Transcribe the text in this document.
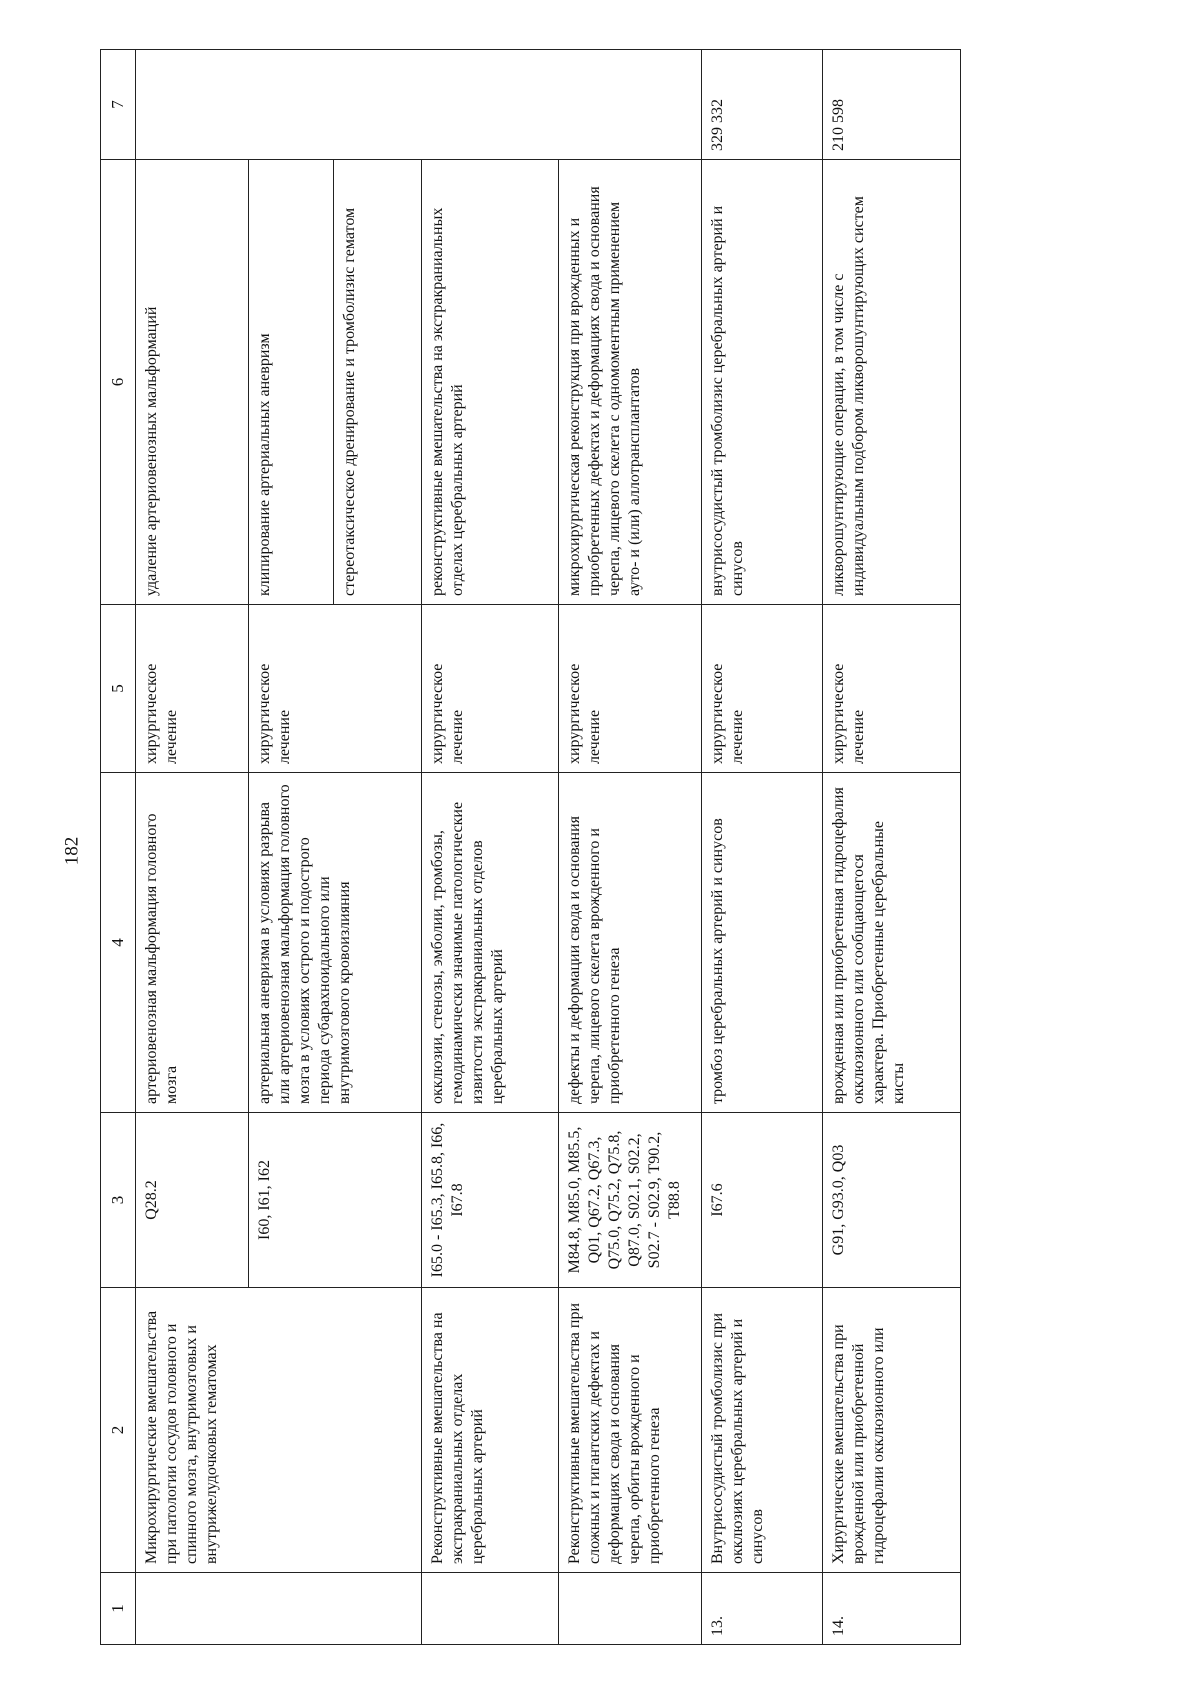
182
1	2	3	4	5	6	7
	Микрохирургические вмешательства при патологии сосудов головного и спинного мозга, внутримозговых и внутрижелудочковых гематомах	Q28.2	артериовенозная мальформация головного мозга	хирургическое лечение	удаление артериовенозных мальформаций	
		I60, I61, I62	артериальная аневризма в условиях разрыва или артериовенозная мальформация головного мозга в условиях острого и подострого периода субарахноидального или внутримозгового кровоизлияния	хирургическое лечение	клипирование артериальных аневризм	
					стереотаксическое дренирование и тромболизис гематом	
	Реконструктивные вмешательства на экстракраниальных отделах церебральных артерий	I65.0 - I65.3, I65.8, I66, I67.8	окклюзии, стенозы, эмболии, тромбозы, гемодинамически значимые патологические извитости экстракраниальных отделов церебральных артерий	хирургическое лечение	реконструктивные вмешательства на экстракраниальных отделах церебральных артерий	
	Реконструктивные вмешательства при сложных и гигантских дефектах и деформациях свода и основания черепа, орбиты врожденного и приобретенного генеза	M84.8, M85.0, M85.5, Q01, Q67.2, Q67.3, Q75.0, Q75.2, Q75.8, Q87.0, S02.1, S02.2, S02.7 - S02.9, T90.2, T88.8	дефекты и деформации свода и основания черепа, лицевого скелета врожденного и приобретенного генеза	хирургическое лечение	микрохирургическая реконструкция при врожденных и приобретенных дефектах и деформациях свода и основания черепа, лицевого скелета с одномоментным применением ауто- и (или) аллотрансплантатов	
13.	Внутрисосудистый тромболизис при окклюзиях церебральных артерий и синусов	I67.6	тромбоз церебральных артерий и синусов	хирургическое лечение	внутрисосудистый тромболизис церебральных артерий и синусов	329 332
14.	Хирургические вмешательства при врожденной или приобретенной гидроцефалии окклюзионного или	G91, G93.0, Q03	врожденная или приобретенная гидроцефалия окклюзионного или сообщающегося характера. Приобретенные церебральные кисты	хирургическое лечение	ликворошунтирующие операции, в том числе с индивидуальным подбором ликворошунтирующих систем	210 598
